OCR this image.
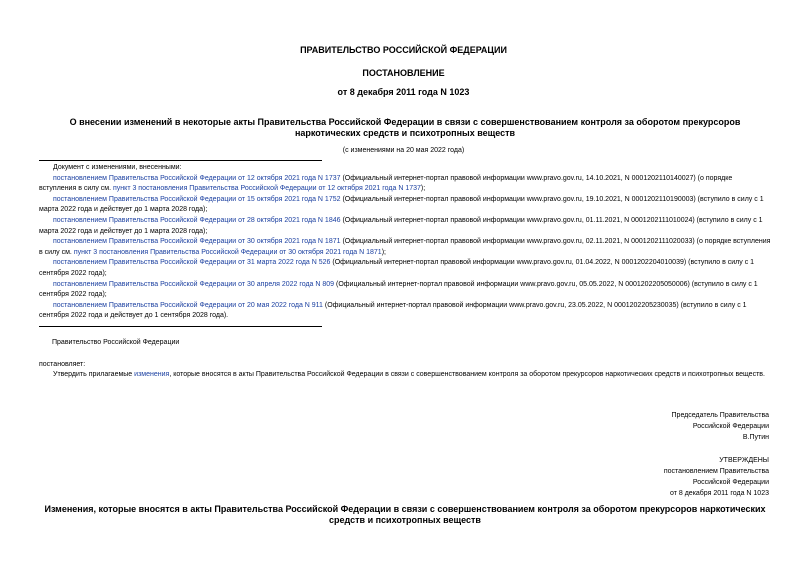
ПРАВИТЕЛЬСТВО РОССИЙСКОЙ ФЕДЕРАЦИИ
ПОСТАНОВЛЕНИЕ
от 8 декабря 2011 года N 1023
О внесении изменений в некоторые акты Правительства Российской Федерации в связи с совершенствованием контроля за оборотом прекурсоров наркотических средств и психотропных веществ
(с изменениями на 20 мая 2022 года)

Документ с изменениями, внесенными:

постановлением Правительства Российской Федерации от 12 октября 2021 года N 1737 (Официальный интернет-портал правовой информации www.pravo.gov.ru, 14.10.2021, N 0001202110140027) (о порядке вступления в силу см. пункт 3 постановления Правительства Российской Федерации от 12 октября 2021 года N 1737);

постановлением Правительства Российской Федерации от 15 октября 2021 года N 1752 (Официальный интернет-портал правовой информации www.pravo.gov.ru, 19.10.2021, N 0001202110190003) (вступило в силу с 1 марта 2022 года и действует до 1 марта 2028 года);

постановлением Правительства Российской Федерации от 28 октября 2021 года N 1846 (Официальный интернет-портал правовой информации www.pravo.gov.ru, 01.11.2021, N 0001202111010024) (вступило в силу с 1 марта 2022 года и действует до 1 марта 2028 года);

постановлением Правительства Российской Федерации от 30 октября 2021 года N 1871 (Официальный интернет-портал правовой информации www.pravo.gov.ru, 02.11.2021, N 0001202111020033) (о порядке вступления в силу см. пункт 3 постановления Правительства Российской Федерации от 30 октября 2021 года N 1871);

постановлением Правительства Российской Федерации от 31 марта 2022 года N 526 (Официальный интернет-портал правовой информации www.pravo.gov.ru, 01.04.2022, N 0001202204010039) (вступило в силу с 1 сентября 2022 года);

постановлением Правительства Российской Федерации от 30 апреля 2022 года N 809 (Официальный интернет-портал правовой информации www.pravo.gov.ru, 05.05.2022, N 0001202205050006) (вступило в силу с 1 сентября 2022 года);

постановлением Правительства Российской Федерации от 20 мая 2022 года N 911 (Официальный интернет-портал правовой информации www.pravo.gov.ru, 23.05.2022, N 0001202205230035) (вступило в силу с 1 сентября 2022 года и действует до 1 сентября 2028 года).

Правительство Российской Федерации
постановляет:

Утвердить прилагаемые изменения, которые вносятся в акты Правительства Российской Федерации в связи с совершенствованием контроля за оборотом прекурсоров наркотических средств и психотропных веществ.

Председатель Правительства
Российской Федерации
В.Путин
УТВЕРЖДЕНЫ
постановлением Правительства
Российской Федерации
от 8 декабря 2011 года N 1023
Изменения, которые вносятся в акты Правительства Российской Федерации в связи с совершенствованием контроля за оборотом прекурсоров наркотических средств и психотропных веществ
